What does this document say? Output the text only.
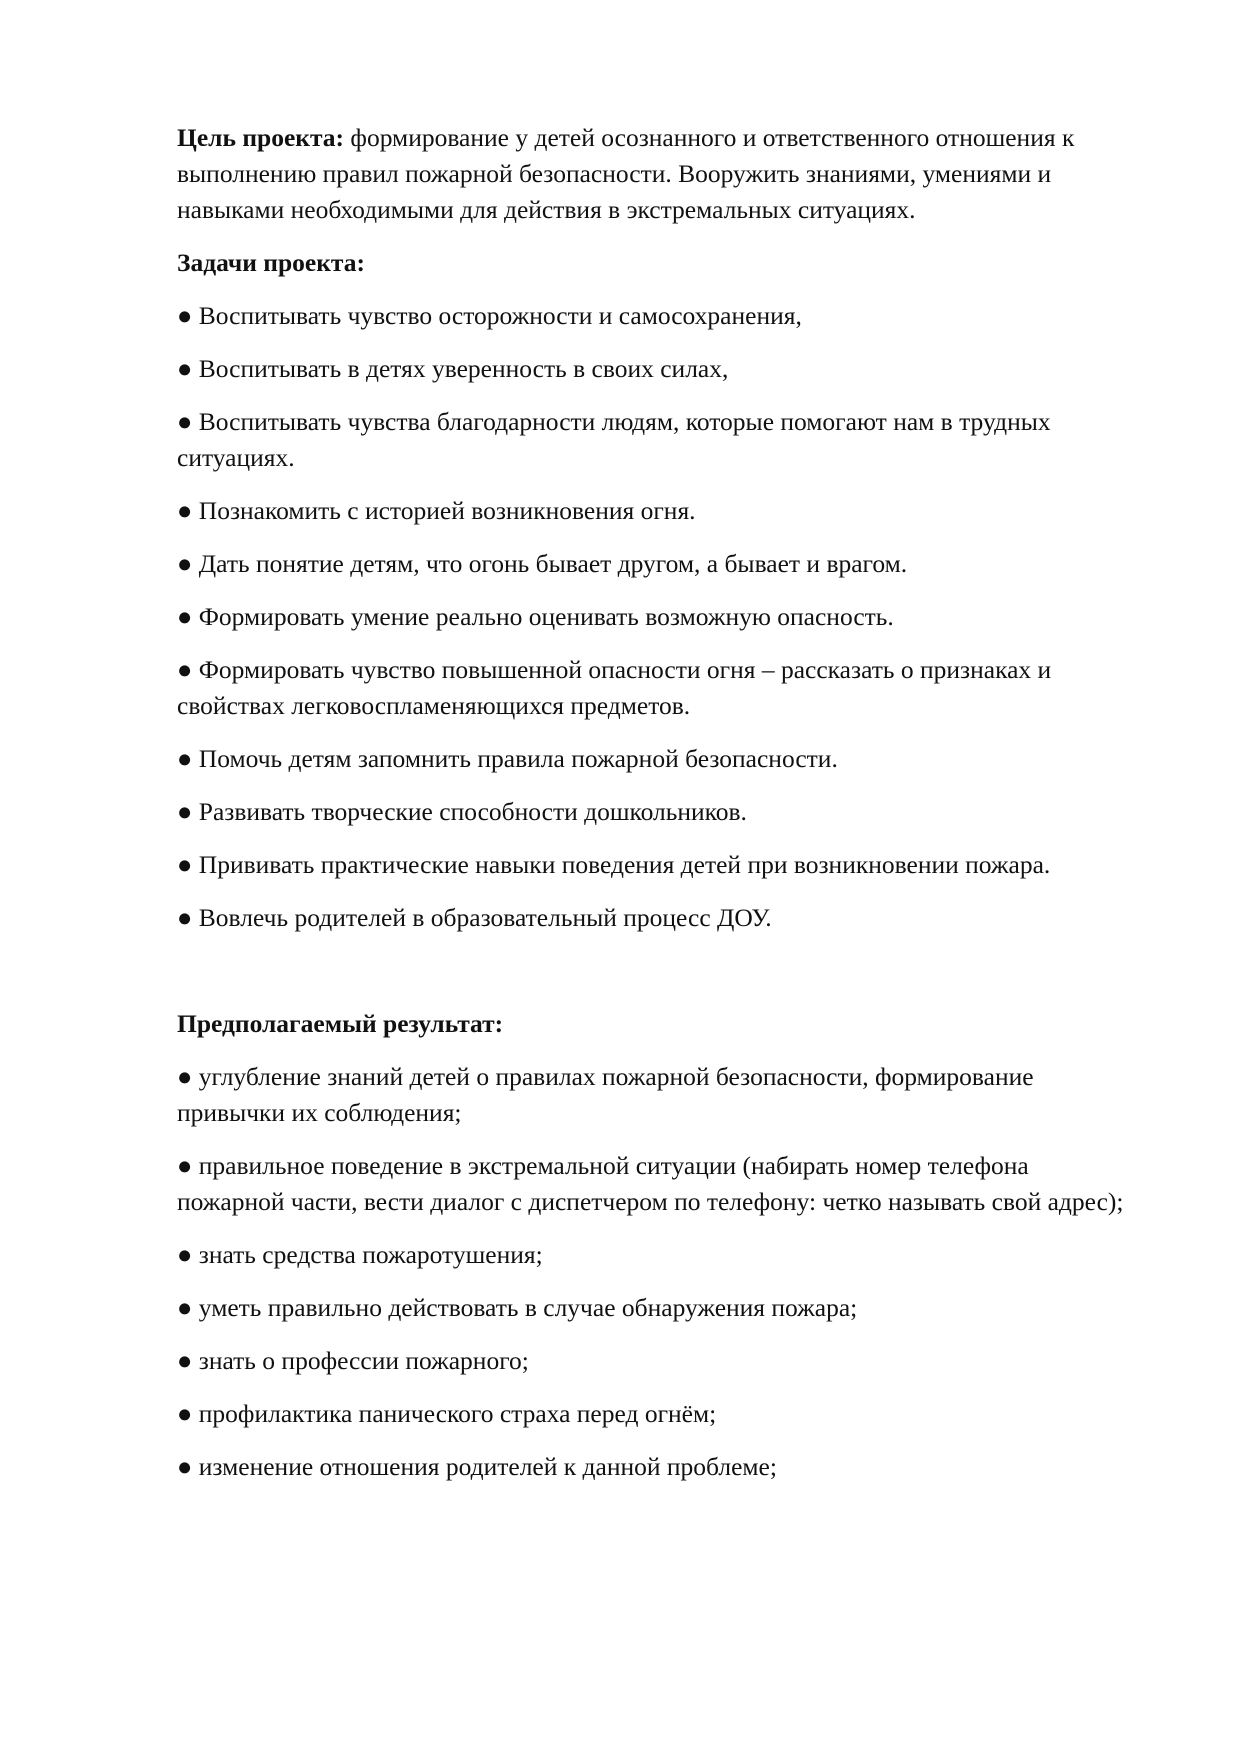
Цель проекта: формирование у детей осознанного и ответственного отношения к выполнению правил пожарной безопасности. Вооружить знаниями, умениями и навыками необходимыми для действия в экстремальных ситуациях.

Задачи проекта:

● Воспитывать чувство осторожности и самосохранения,

● Воспитывать в детях уверенность в своих силах,

● Воспитывать чувства благодарности людям, которые помогают нам в трудных ситуациях.

● Познакомить с историей возникновения огня.

● Дать понятие детям, что огонь бывает другом, а бывает и врагом.

● Формировать умение реально оценивать возможную опасность.

● Формировать чувство повышенной опасности огня – рассказать о признаках и свойствах легковоспламеняющихся предметов.

● Помочь детям запомнить правила пожарной безопасности.

● Развивать творческие способности дошкольников.

● Прививать практические навыки поведения детей при возникновении пожара.

● Вовлечь родителей в образовательный процесс ДОУ.

Предполагаемый результат:

● углубление знаний детей о правилах пожарной безопасности, формирование привычки их соблюдения;

● правильное поведение в экстремальной ситуации (набирать номер телефона пожарной части, вести диалог с диспетчером по телефону: четко называть свой адрес);

● знать средства пожаротушения;

● уметь правильно действовать в случае обнаружения пожара;

● знать о профессии пожарного;

● профилактика панического страха перед огнём;

● изменение отношения родителей к данной проблеме;
